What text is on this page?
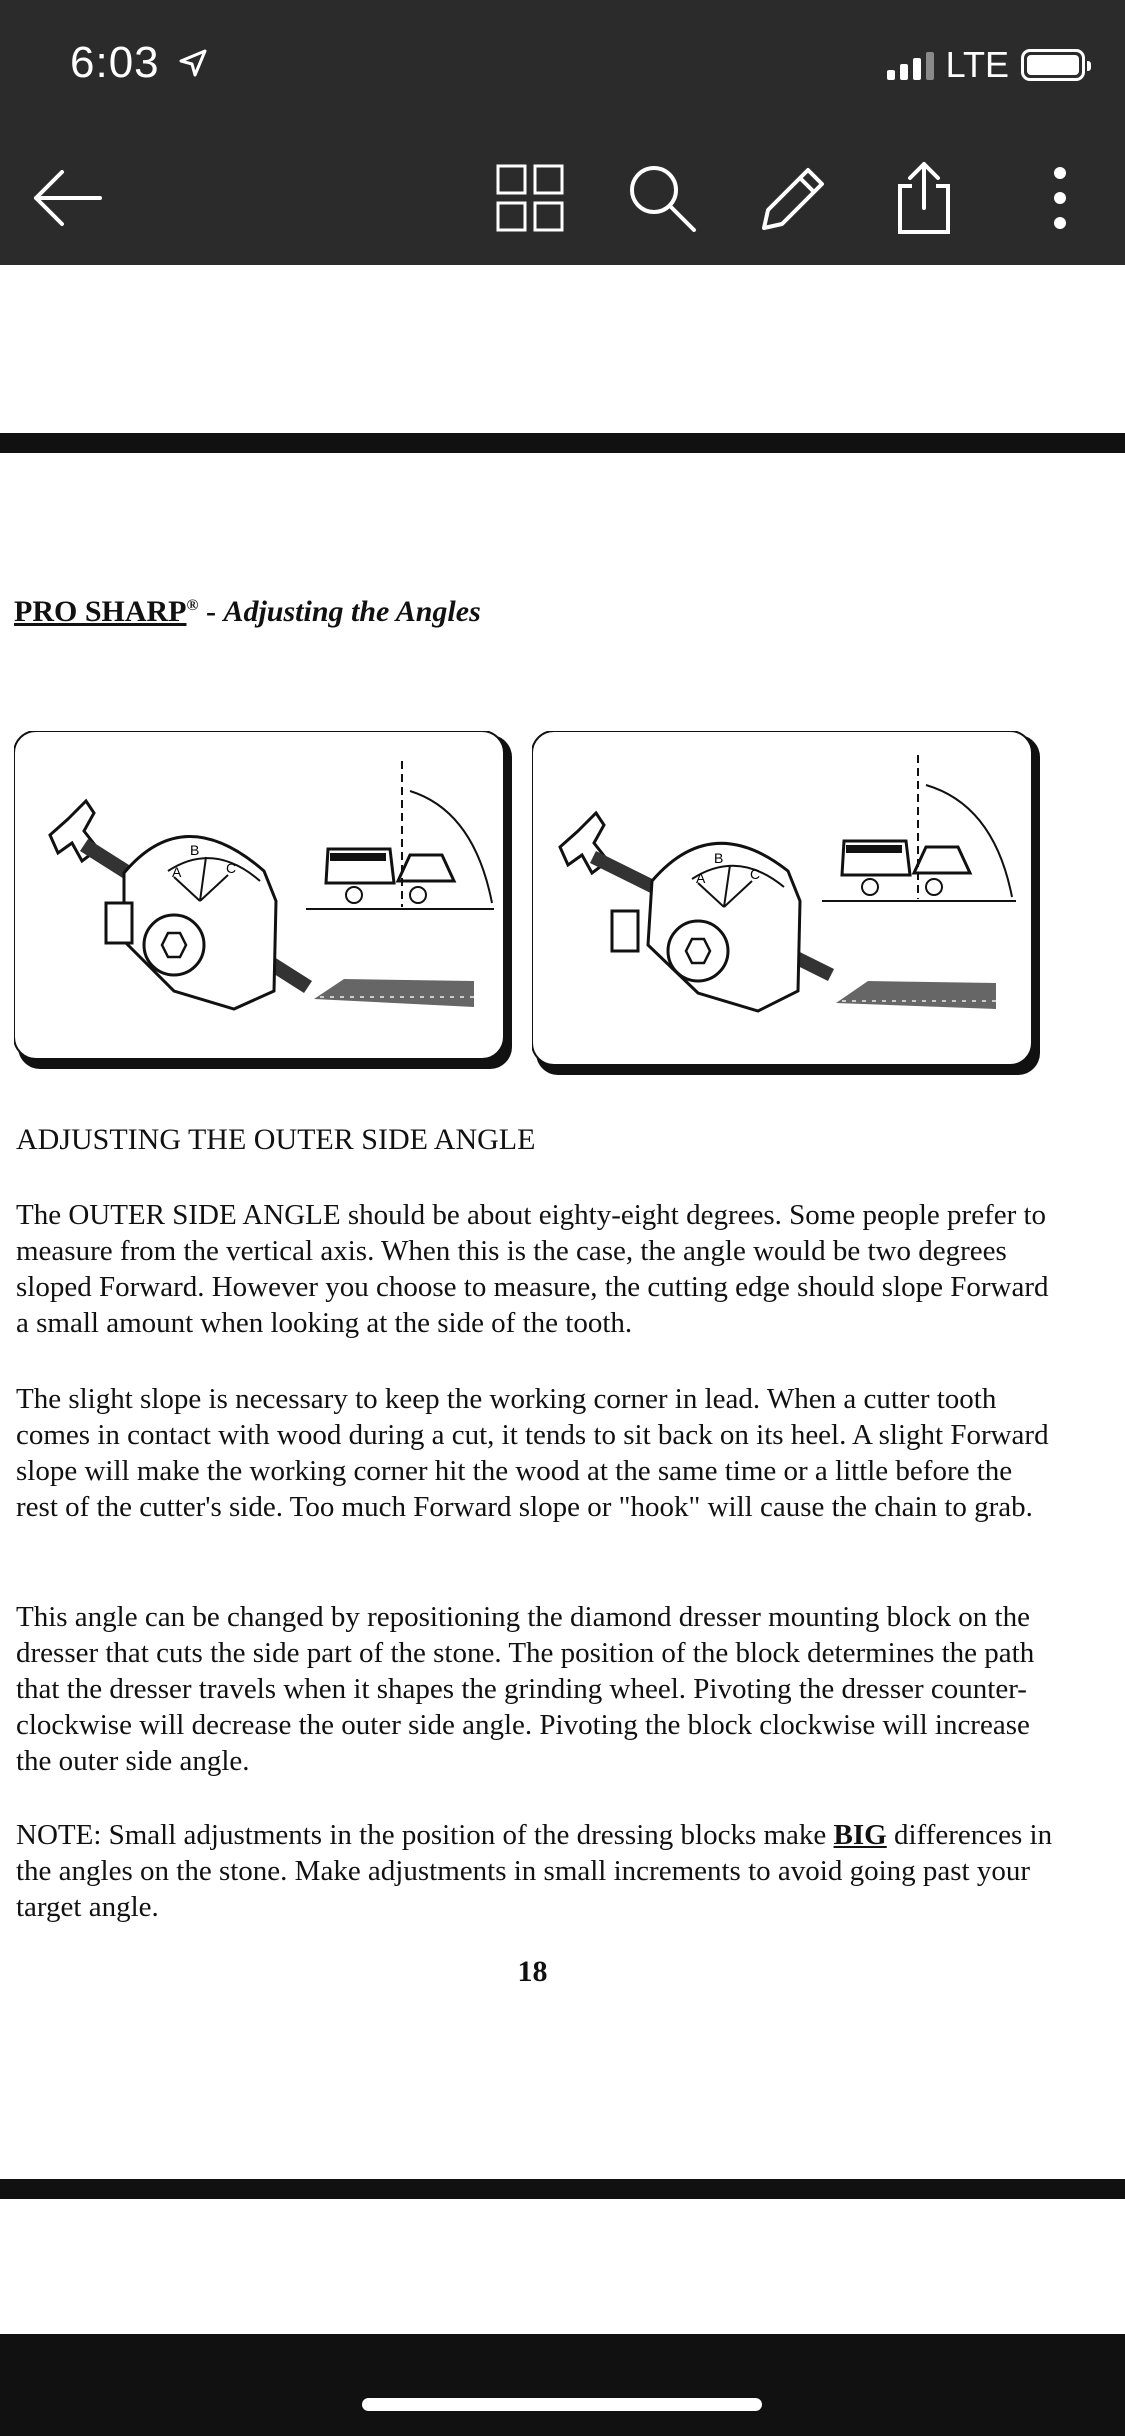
6:03	LTE
PRO SHARP® - Adjusting the Angles
A
B
C
A
B
C
ADJUSTING THE OUTER SIDE ANGLE

The OUTER SIDE ANGLE should be about eighty-eight degrees. Some people prefer to measure from the vertical axis. When this is the case, the angle would be two degrees sloped Forward. However you choose to measure, the cutting edge should slope Forward a small amount when looking at the side of the tooth.

The slight slope is necessary to keep the working corner in lead. When a cutter tooth comes in contact with wood during a cut, it tends to sit back on its heel. A slight Forward slope will make the working corner hit the wood at the same time or a little before the rest of the cutter's side. Too much Forward slope or "hook" will cause the chain to grab.

This angle can be changed by repositioning the diamond dresser mounting block on the dresser that cuts the side part of the stone. The position of the block determines the path that the dresser travels when it shapes the grinding wheel. Pivoting the dresser counter-clockwise will decrease the outer side angle. Pivoting the block clockwise will increase the outer side angle.

NOTE: Small adjustments in the position of the dressing blocks make BIG differences in the angles on the stone. Make adjustments in small increments to avoid going past your target angle.

18
